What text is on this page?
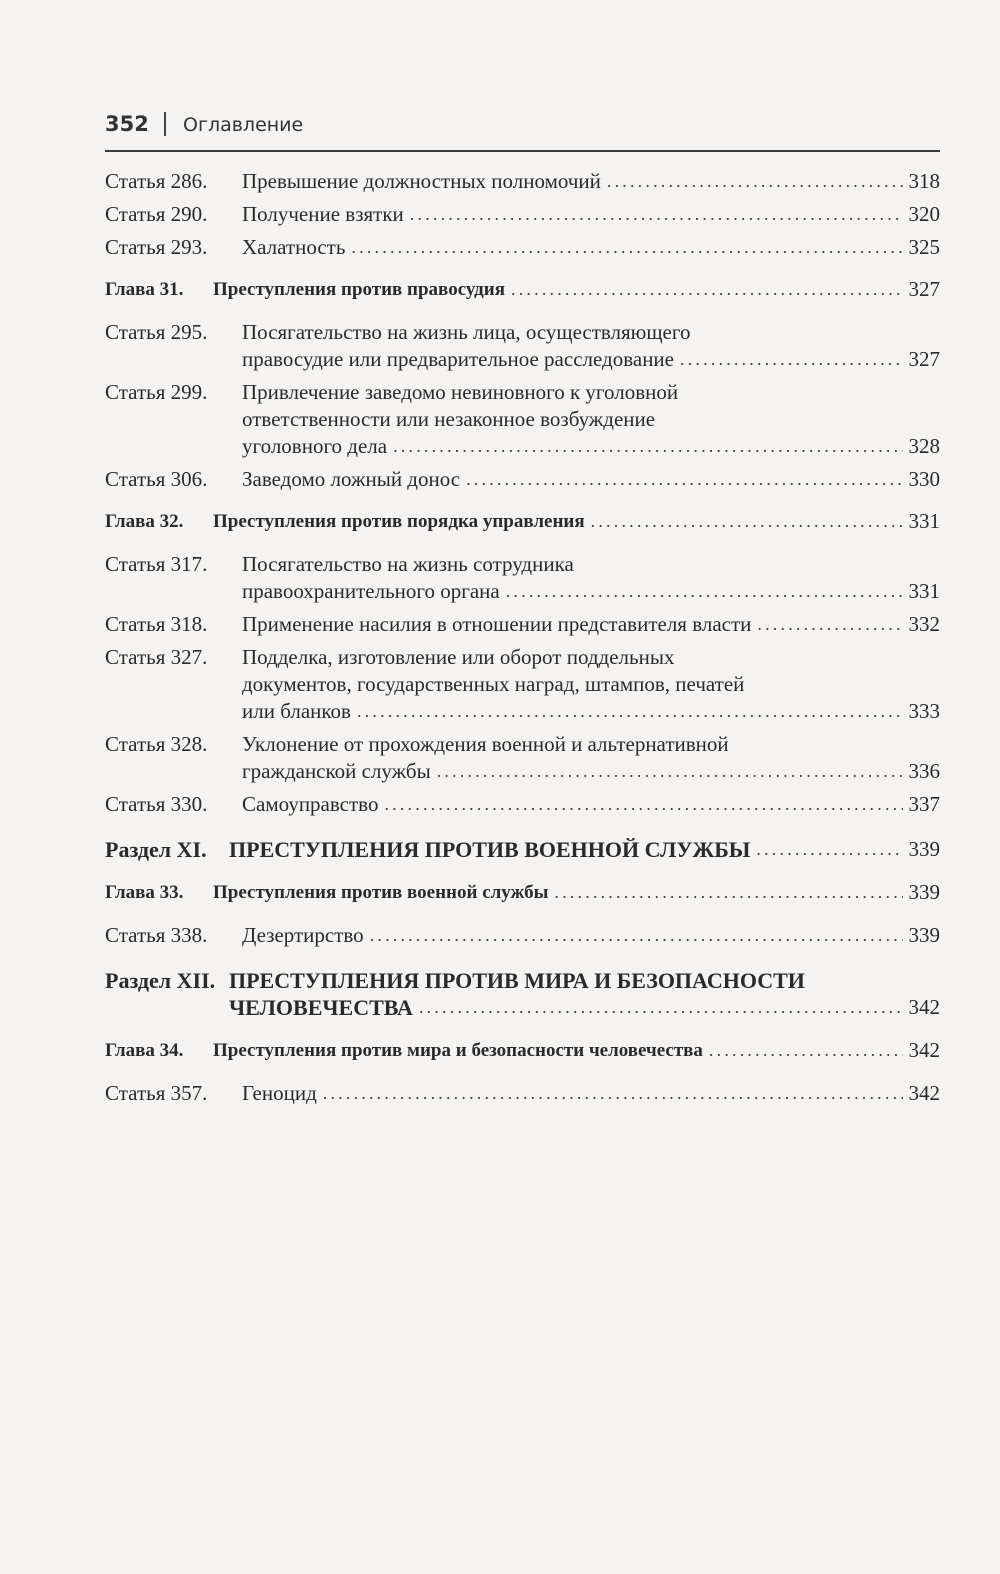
352 Оглавление
Статья 286.	Превышение должностных полномочий .....	318
Статья 290.	Получение взятки .....	320
Статья 293.	Халатность .....	325
Глава 31.	Преступления против правосудия .....	327
Статья 295.	Посягательство на жизнь лица, осуществляющего
правосудие или предварительное расследование .....	327
Статья 299.	Привлечение заведомо невиновного к уголовной
ответственности или незаконное возбуждение
уголовного дела .....	328
Статья 306.	Заведомо ложный донос .....	330
Глава 32.	Преступления против порядка управления .....	331
Статья 317.	Посягательство на жизнь сотрудника
правоохранительного органа .....	331
Статья 318.	Применение насилия в отношении представителя власти .....	332
Статья 327.	Подделка, изготовление или оборот поддельных
документов, государственных наград, штампов, печатей
или бланков .....	333
Статья 328.	Уклонение от прохождения военной и альтернативной
гражданской службы .....	336
Статья 330.	Самоуправство .....	337
Раздел XI.	ПРЕСТУПЛЕНИЯ ПРОТИВ ВОЕННОЙ СЛУЖБЫ .....	339
Глава 33.	Преступления против военной службы .....	339
Статья 338.	Дезертирство .....	339
Раздел XII. ПРЕСТУПЛЕНИЯ ПРОТИВ МИРА И БЕЗОПАСНОСТИ
ЧЕЛОВЕЧЕСТВА .....	342
Глава 34.	Преступления против мира и безопасности человечества .....	342
Статья 357.	Геноцид .....	342
